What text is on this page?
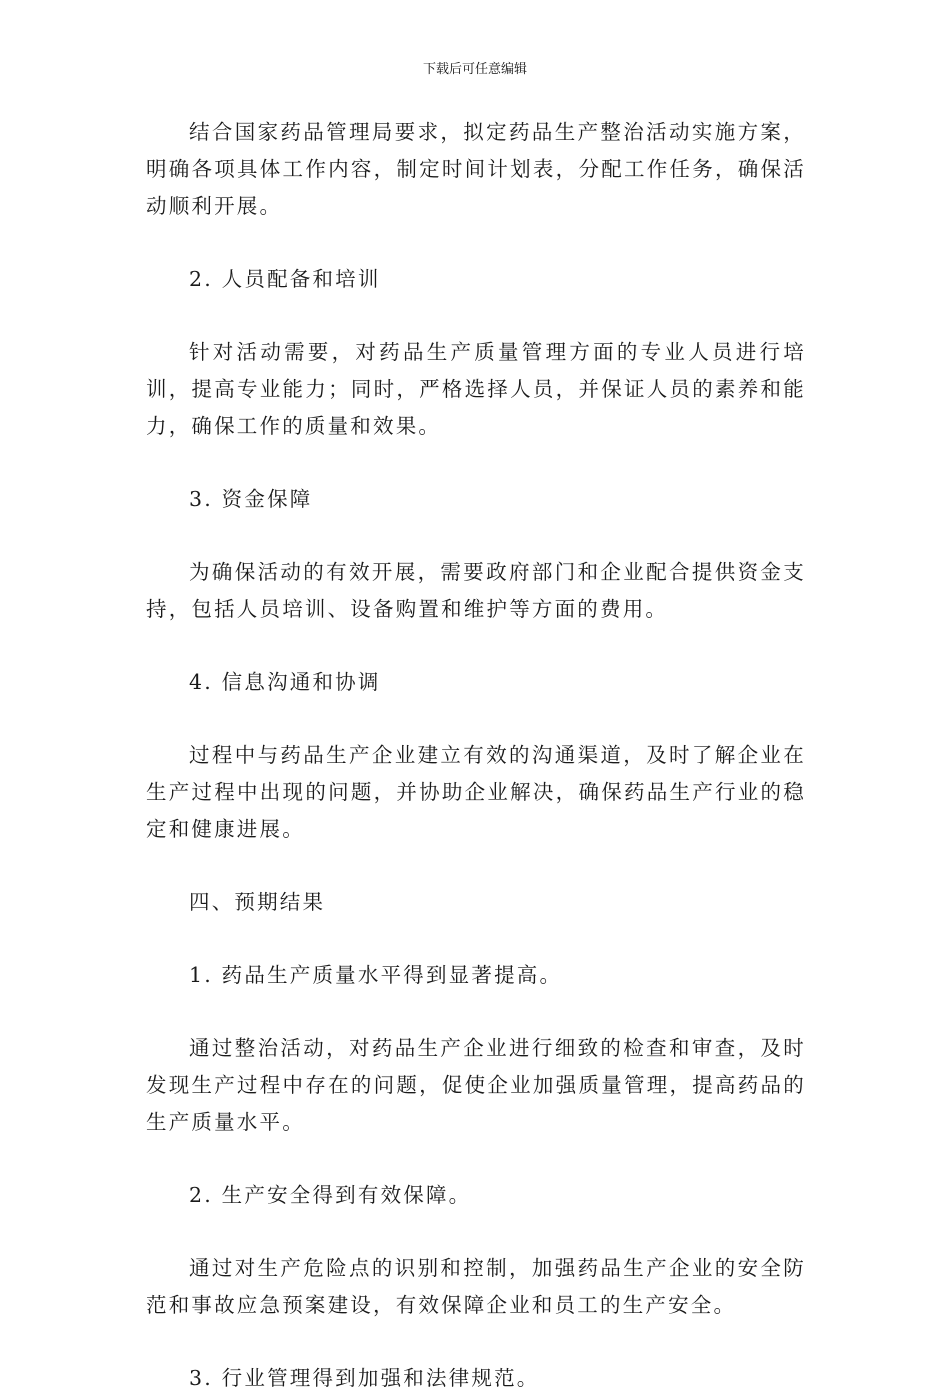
下载后可任意编辑

结合国家药品管理局要求，拟定药品生产整治活动实施方案，明确各项具体工作内容，制定时间计划表，分配工作任务，确保活动顺利开展。

2. 人员配备和培训

针对活动需要，对药品生产质量管理方面的专业人员进行培训，提高专业能力；同时，严格选择人员，并保证人员的素养和能力，确保工作的质量和效果。

3. 资金保障

为确保活动的有效开展，需要政府部门和企业配合提供资金支持，包括人员培训、设备购置和维护等方面的费用。

4. 信息沟通和协调

过程中与药品生产企业建立有效的沟通渠道，及时了解企业在生产过程中出现的问题，并协助企业解决，确保药品生产行业的稳定和健康进展。

四、预期结果

1. 药品生产质量水平得到显著提高。

通过整治活动，对药品生产企业进行细致的检查和审查，及时发现生产过程中存在的问题，促使企业加强质量管理，提高药品的生产质量水平。

2. 生产安全得到有效保障。

通过对生产危险点的识别和控制，加强药品生产企业的安全防范和事故应急预案建设，有效保障企业和员工的生产安全。

3. 行业管理得到加强和法律规范。
